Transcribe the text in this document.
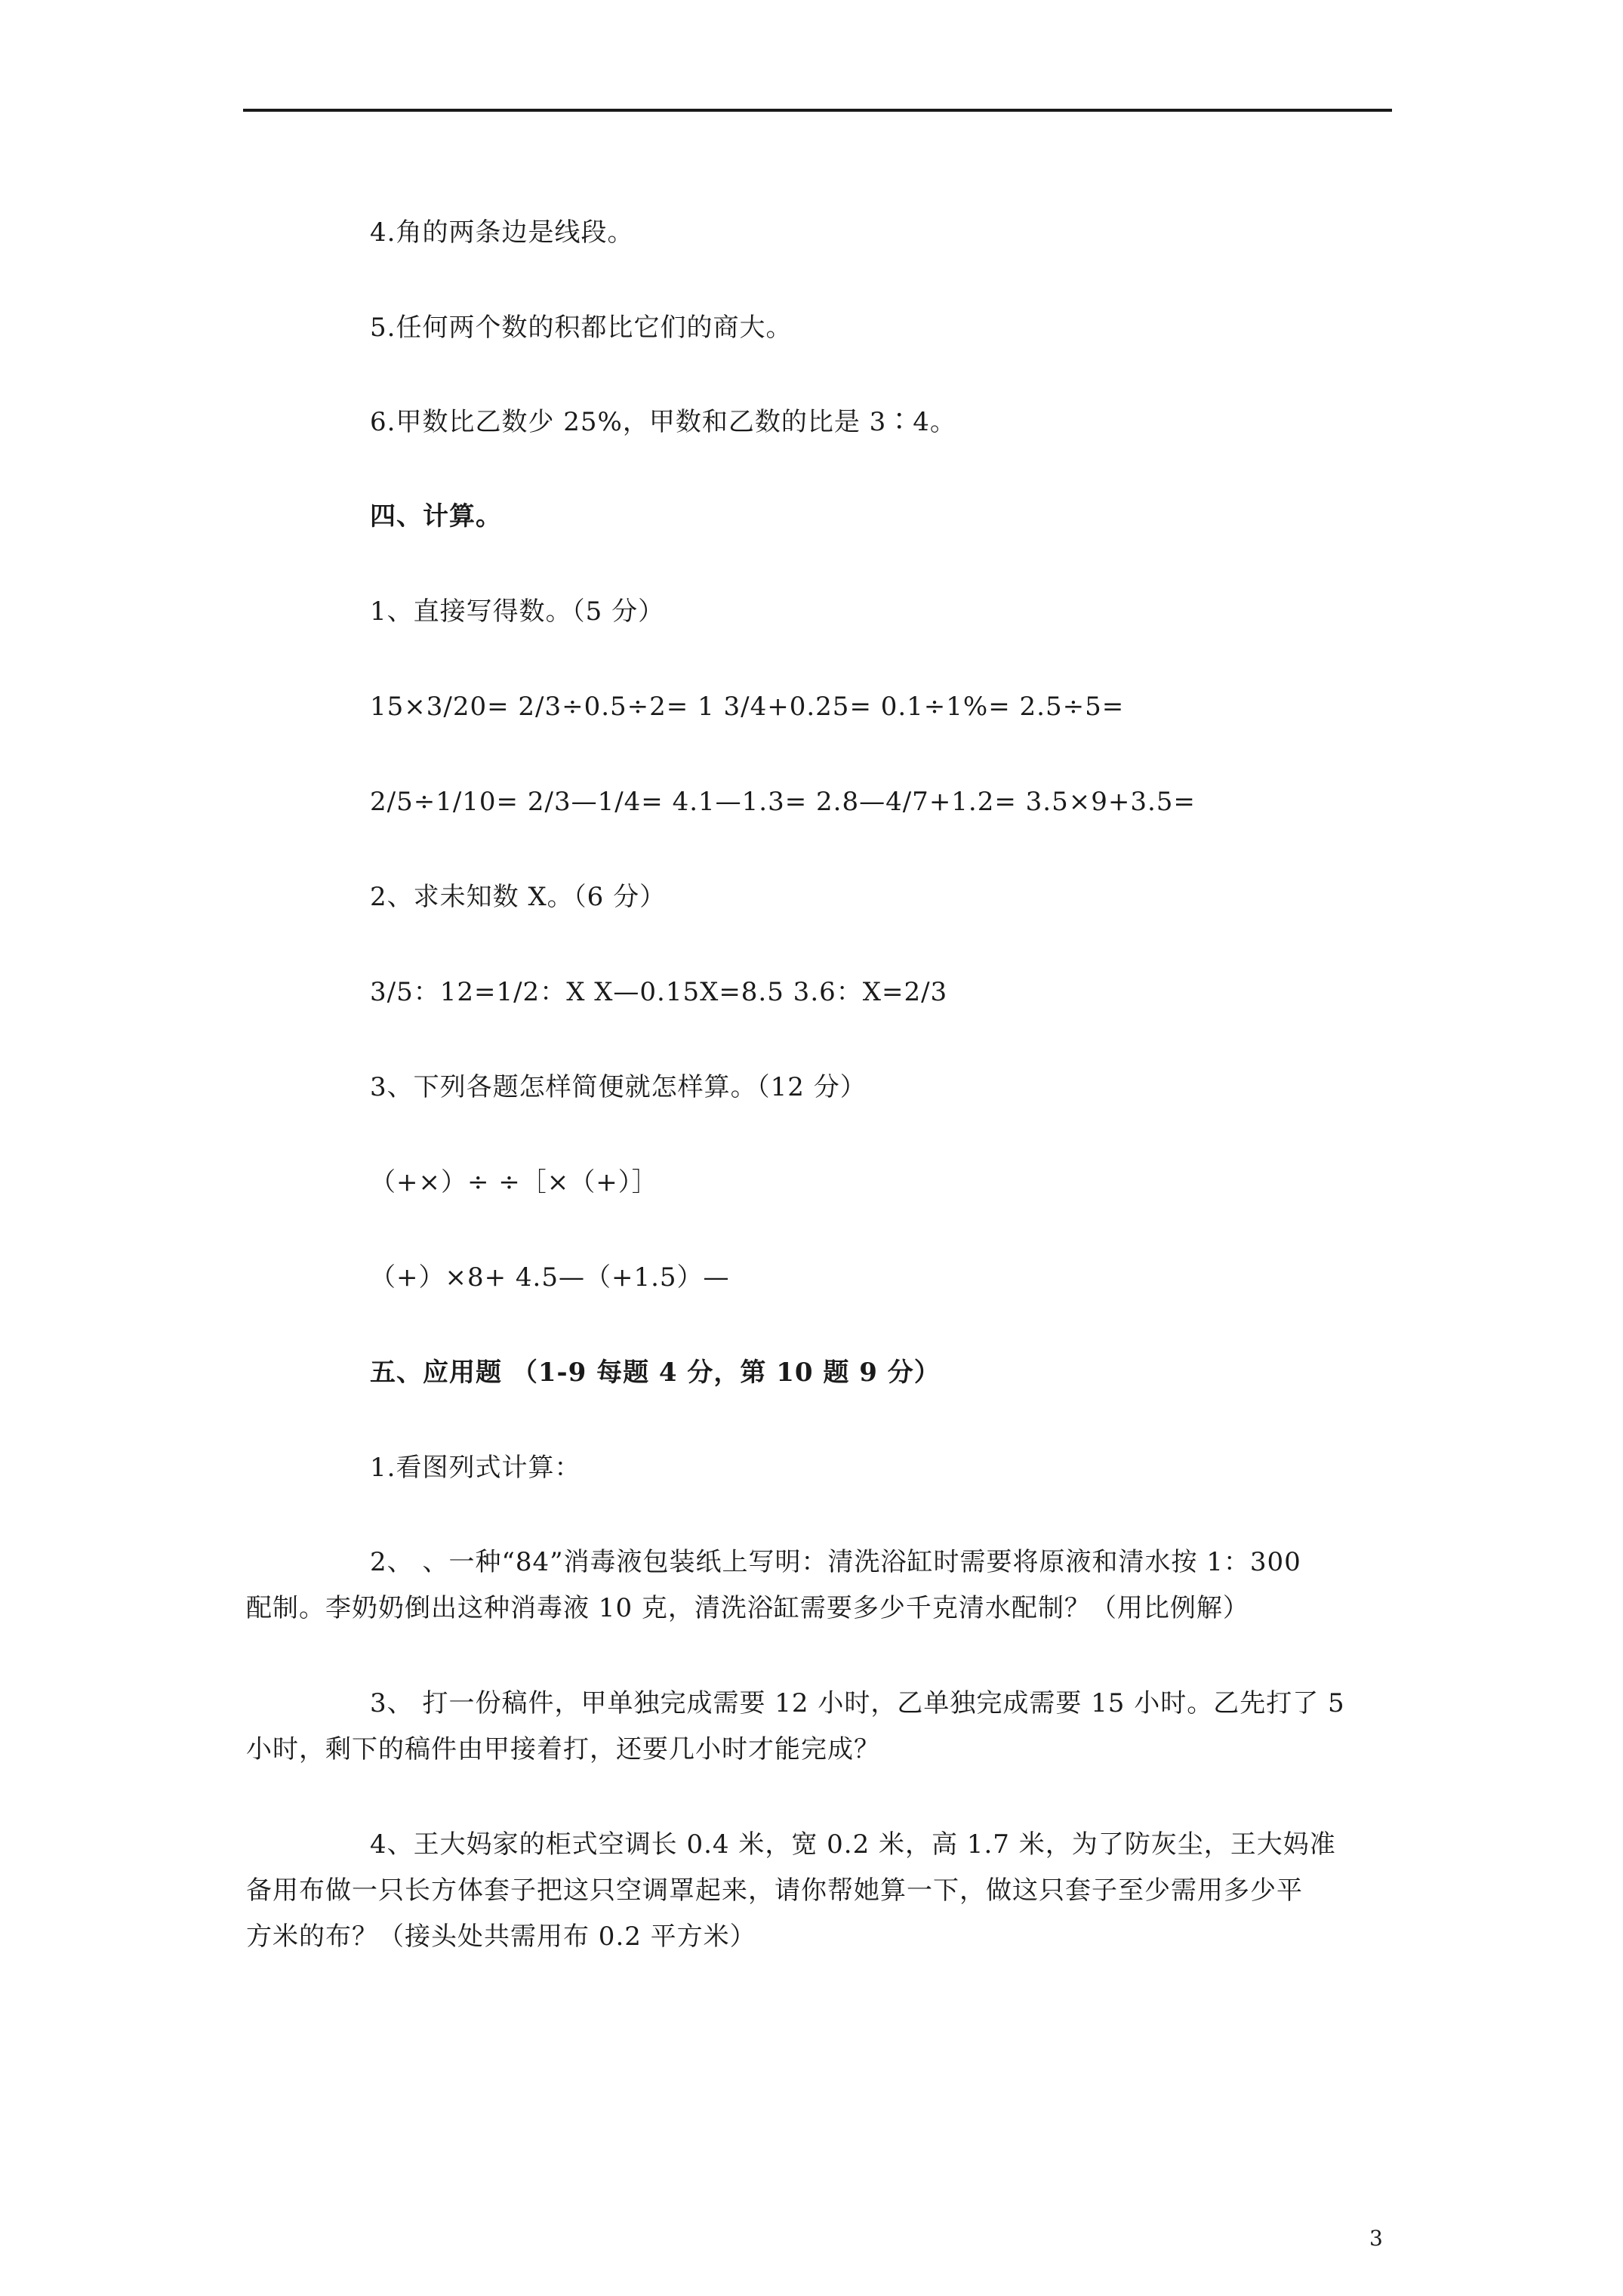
4.角的两条边是线段。
5.任何两个数的积都比它们的商大。
6.甲数比乙数少 25%，甲数和乙数的比是 3∶4。
四、计算。
1、直接写得数。（5 分）
15×3/20= 2/3÷0.5÷2= 1 3/4+0.25= 0.1÷1%= 2.5÷5=
2/5÷1/10= 2/3—1/4= 4.1—1.3= 2.8—4/7+1.2= 3.5×9+3.5=
2、求未知数 X。（6 分）
3/5：12=1/2：X X—0.15X=8.5 3.6：X=2/3
3、下列各题怎样简便就怎样算。（12 分）
（+×）÷ ÷［×（+）］
（+）×8+ 4.5—（+1.5）—
五、应用题 （1-9 每题 4 分，第 10 题 9 分）
1.看图列式计算：
2、 、一种“84”消毒液包装纸上写明：清洗浴缸时需要将原液和清水按 1：300
配制。李奶奶倒出这种消毒液 10 克，清洗浴缸需要多少千克清水配制？（用比例解）
3、 打一份稿件，甲单独完成需要 12 小时，乙单独完成需要 15 小时。乙先打了 5
小时，剩下的稿件由甲接着打，还要几小时才能完成？
4、王大妈家的柜式空调长 0.4 米，宽 0.2 米，高 1.7 米，为了防灰尘，王大妈准
备用布做一只长方体套子把这只空调罩起来，请你帮她算一下，做这只套子至少需用多少平
方米的布？（接头处共需用布 0.2 平方米）
3
